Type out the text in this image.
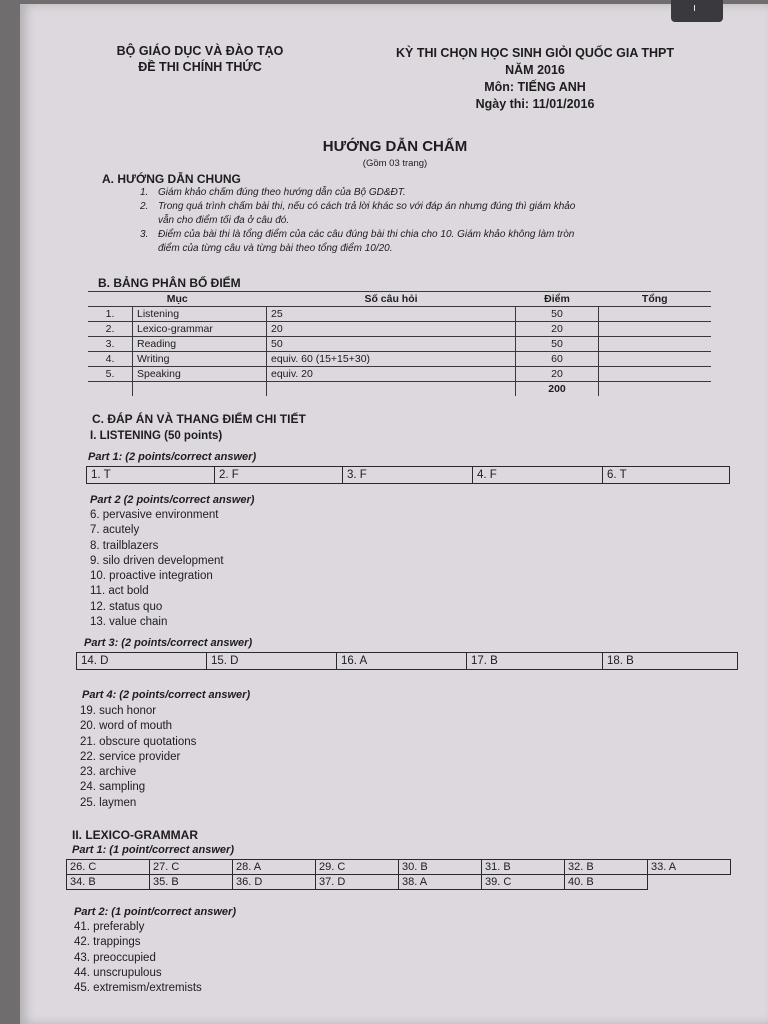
BỘ GIÁO DỤC VÀ ĐÀO TẠO
ĐỀ THI CHÍNH THỨC
KỲ THI CHỌN HỌC SINH GIỎI QUỐC GIA THPT
NĂM 2016
Môn: TIẾNG ANH
Ngày thi: 11/01/2016
HƯỚNG DẪN CHẤM
(Gồm 03 trang)
A. HƯỚNG DẪN CHUNG
1. Giám khảo chấm đúng theo hướng dẫn của Bộ GD&ĐT.
2. Trong quá trình chấm bài thi, nếu có cách trả lời khác so với đáp án nhưng đúng thì giám khảo
vẫn cho điểm tối đa ở câu đó.
3. Điểm của bài thi là tổng điểm của các câu đúng bài thi chia cho 10. Giám khảo không làm tròn
điểm của từng câu và từng bài theo tổng điểm 10/20.
B. BẢNG PHÂN BỐ ĐIỂM
Mục		Số câu hỏi	Điểm	Tổng
1.	Listening	25	50	
2.	Lexico-grammar	20	20	
3.	Reading	50	50	
4.	Writing	equiv. 60 (15+15+30)	60	
5.	Speaking	equiv. 20	20	
			200	
C. ĐÁP ÁN VÀ THANG ĐIỂM CHI TIẾT
I. LISTENING (50 points)
Part 1: (2 points/correct answer)
1. T	2. F	3. F	4. F	6. T
Part 2 (2 points/correct answer)
6. pervasive environment
7. acutely
8. trailblazers
9. silo driven development
10. proactive integration
11. act bold
12. status quo
13. value chain
Part 3: (2 points/correct answer)
14. D	15. D	16. A	17. B	18. B
Part 4: (2 points/correct answer)
19. such honor
20. word of mouth
21. obscure quotations
22. service provider
23. archive
24. sampling
25. laymen
II. LEXICO-GRAMMAR
Part 1: (1 point/correct answer)
26. C	27. C	28. A	29. C	30. B	31. B	32. B	33. A
34. B	35. B	36. D	37. D	38. A	39. C	40. B	
Part 2: (1 point/correct answer)
41. preferably
42. trappings
43. preoccupied
44. unscrupulous
45. extremism/extremists
ı
